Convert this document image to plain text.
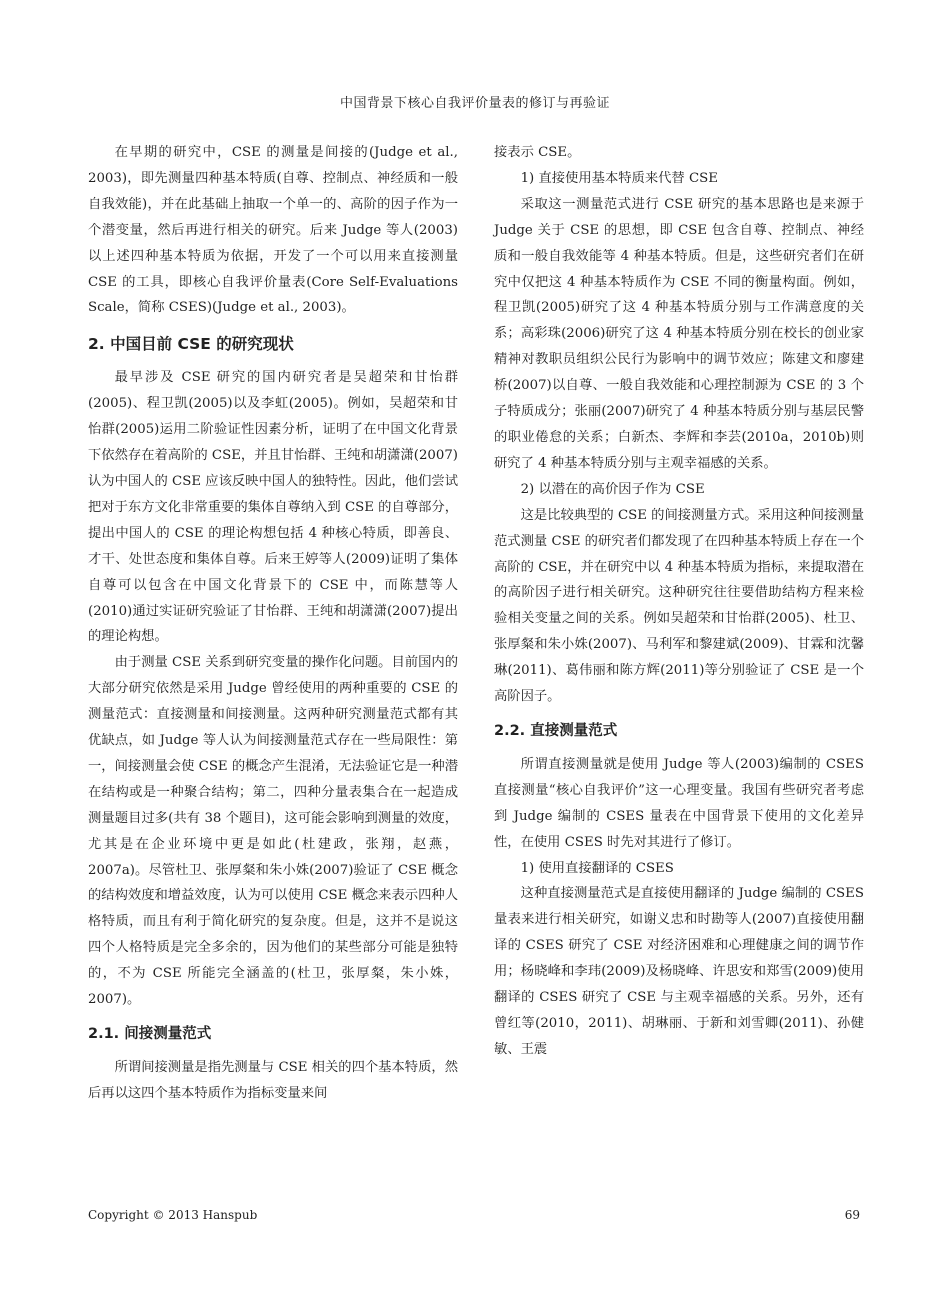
中国背景下核心自我评价量表的修订与再验证

在早期的研究中，CSE 的测量是间接的(Judge et al., 2003)，即先测量四种基本特质(自尊、控制点、神经质和一般自我效能)，并在此基础上抽取一个单一的、高阶的因子作为一个潜变量，然后再进行相关的研究。后来 Judge 等人(2003)以上述四种基本特质为依据，开发了一个可以用来直接测量 CSE 的工具，即核心自我评价量表(Core Self-Evaluations Scale，简称 CSES)(Judge et al., 2003)。

2. 中国目前 CSE 的研究现状

最早涉及 CSE 研究的国内研究者是吴超荣和甘怡群(2005)、程卫凯(2005)以及李虹(2005)。例如，吴超荣和甘怡群(2005)运用二阶验证性因素分析，证明了在中国文化背景下依然存在着高阶的 CSE，并且甘怡群、王纯和胡潇潇(2007)认为中国人的 CSE 应该反映中国人的独特性。因此，他们尝试把对于东方文化非常重要的集体自尊纳入到 CSE 的自尊部分，提出中国人的 CSE 的理论构想包括 4 种核心特质，即善良、才干、处世态度和集体自尊。后来王婷等人(2009)证明了集体自尊可以包含在中国文化背景下的 CSE 中，而陈慧等人(2010)通过实证研究验证了甘怡群、王纯和胡潇潇(2007)提出的理论构想。

由于测量 CSE 关系到研究变量的操作化问题。目前国内的大部分研究依然是采用 Judge 曾经使用的两种重要的 CSE 的测量范式：直接测量和间接测量。这两种研究测量范式都有其优缺点，如 Judge 等人认为间接测量范式存在一些局限性：第一，间接测量会使 CSE 的概念产生混淆，无法验证它是一种潜在结构或是一种聚合结构；第二，四种分量表集合在一起造成测量题目过多(共有 38 个题目)，这可能会影响到测量的效度，尤其是在企业环境中更是如此(杜建政，张翔，赵燕，2007a)。尽管杜卫、张厚粲和朱小姝(2007)验证了 CSE 概念的结构效度和增益效度，认为可以使用 CSE 概念来表示四种人格特质，而且有利于简化研究的复杂度。但是，这并不是说这四个人格特质是完全多余的，因为他们的某些部分可能是独特的，不为 CSE 所能完全涵盖的(杜卫，张厚粲，朱小姝，2007)。

2.1. 间接测量范式

所谓间接测量是指先测量与 CSE 相关的四个基本特质，然后再以这四个基本特质作为指标变量来间

接表示 CSE。

1) 直接使用基本特质来代替 CSE

采取这一测量范式进行 CSE 研究的基本思路也是来源于 Judge 关于 CSE 的思想，即 CSE 包含自尊、控制点、神经质和一般自我效能等 4 种基本特质。但是，这些研究者们在研究中仅把这 4 种基本特质作为 CSE 不同的衡量构面。例如，程卫凯(2005)研究了这 4 种基本特质分别与工作满意度的关系；高彩珠(2006)研究了这 4 种基本特质分别在校长的创业家精神对教职员组织公民行为影响中的调节效应；陈建文和廖建桥(2007)以自尊、一般自我效能和心理控制源为 CSE 的 3 个子特质成分；张丽(2007)研究了 4 种基本特质分别与基层民警的职业倦怠的关系；白新杰、李辉和李芸(2010a，2010b)则研究了 4 种基本特质分别与主观幸福感的关系。

2) 以潜在的高价因子作为 CSE

这是比较典型的 CSE 的间接测量方式。采用这种间接测量范式测量 CSE 的研究者们都发现了在四种基本特质上存在一个高阶的 CSE，并在研究中以 4 种基本特质为指标，来提取潜在的高阶因子进行相关研究。这种研究往往要借助结构方程来检验相关变量之间的关系。例如吴超荣和甘怡群(2005)、杜卫、张厚粲和朱小姝(2007)、马利军和黎建斌(2009)、甘霖和沈馨琳(2011)、葛伟丽和陈方辉(2011)等分别验证了 CSE 是一个高阶因子。

2.2. 直接测量范式

所谓直接测量就是使用 Judge 等人(2003)编制的 CSES 直接测量“核心自我评价”这一心理变量。我国有些研究者考虑到 Judge 编制的 CSES 量表在中国背景下使用的文化差异性，在使用 CSES 时先对其进行了修订。

1) 使用直接翻译的 CSES

这种直接测量范式是直接使用翻译的 Judge 编制的 CSES 量表来进行相关研究，如谢义忠和时勘等人(2007)直接使用翻译的 CSES 研究了 CSE 对经济困难和心理健康之间的调节作用；杨晓峰和李玮(2009)及杨晓峰、许思安和郑雪(2009)使用翻译的 CSES 研究了 CSE 与主观幸福感的关系。另外，还有曾红等(2010，2011)、胡琳丽、于新和刘雪卿(2011)、孙健敏、王震

Copyright © 2013 Hanspub	69
